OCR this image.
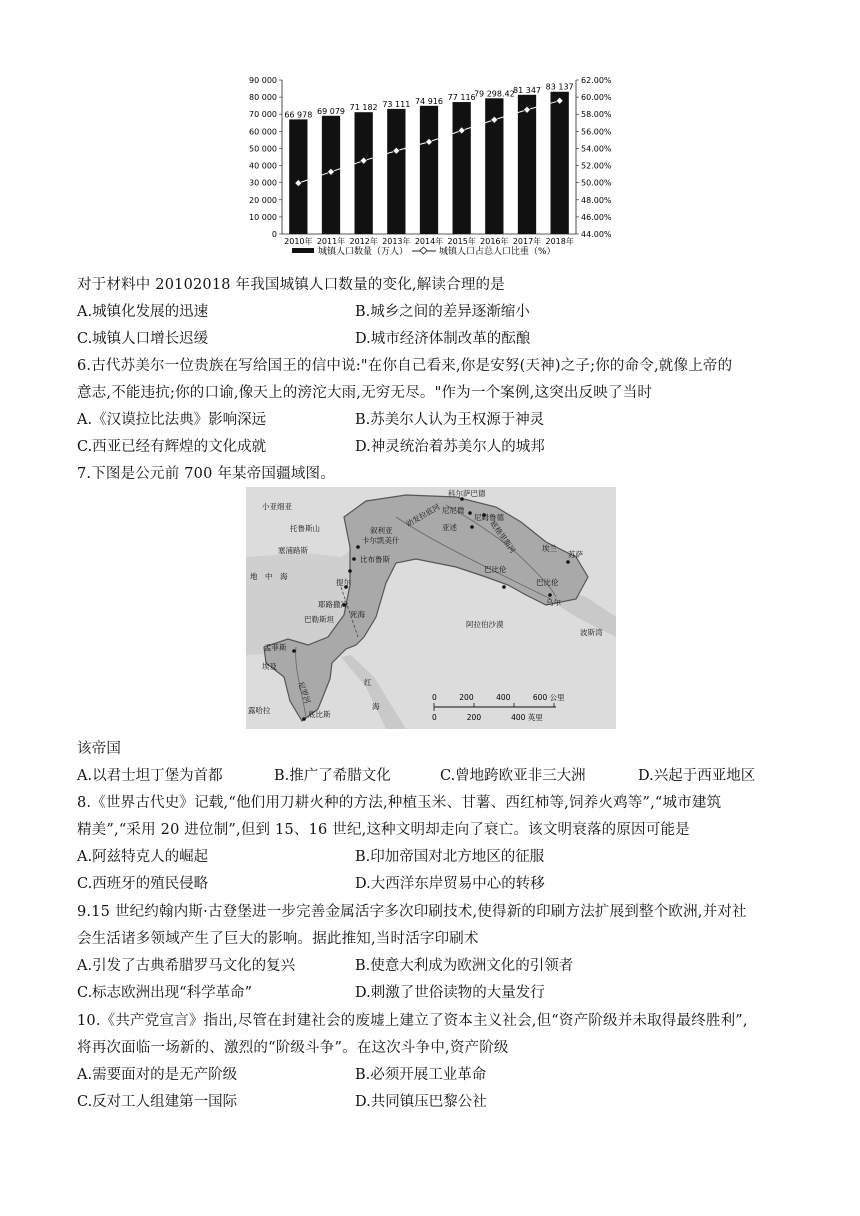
0
10 000
20 000
30 000
40 000
50 000
60 000
70 000
80 000
90 000
44.00%
46.00%
48.00%
50.00%
52.00%
54.00%
56.00%
58.00%
60.00%
62.00%
66 978 69 079 71 182 73 111 74 916 77 116
79 298.42
81 347 83 137
2010年 2011年 2012年 2013年 2014年 2015年 2016年 2017年 2018年
城镇人口数量（万人）	城镇人口占总人口比重（%）
对于材料中 20102018 年我国城镇人口数量的变化,解读合理的是
A.城镇化发展的迅速	B.城乡之间的差异逐渐缩小
C.城镇人口增长迟缓	D.城市经济体制改革的酝酿
6.古代苏美尔一位贵族在写给国王的信中说:"在你自己看来,你是安努(天神)之子;你的命令,就像上帝的
意志,不能违抗;你的口谕,像天上的滂沱大雨,无穷无尽。"作为一个案例,这突出反映了当时
A.《汉谟拉比法典》影响深远	B.苏美尔人认为王权源于神灵
C.西亚已经有辉煌的文化成就	D.神灵统治着苏美尔人的城邦
7.下图是公元前 700 年某帝国疆域图。
小亚细亚
托鲁斯山
塞浦路斯
地　中　海
叙利亚
幼发拉底河
底格里斯河
科尔萨巴德
尼尼微
尼姆鲁德
亚述
埃兰
苏萨
巴比伦
巴比伦
乌尔
波斯湾
阿拉伯沙漠
卡尔凯美什
比布鲁斯
提尔
耶路撒冷
死海
巴勒斯坦
孟菲斯
埃及
尼罗河
底比斯
红
海
露哈拉
0　　　200　　　400　　　600 公里
0　　　　200　　　　400 英里
该帝国
A.以君士坦丁堡为首都	B.推广了希腊文化	C.曾地跨欧亚非三大洲	D.兴起于西亚地区
8.《世界古代史》记载,“他们用刀耕火种的方法,种植玉米、甘薯、西红柿等,饲养火鸡等”,“城市建筑
精美”,“采用 20 进位制”,但到 15、16 世纪,这种文明却走向了衰亡。该文明衰落的原因可能是
A.阿兹特克人的崛起	B.印加帝国对北方地区的征服
C.西班牙的殖民侵略	D.大西洋东岸贸易中心的转移
9.15 世纪约翰内斯·古登堡进一步完善金属活字多次印刷技术,使得新的印刷方法扩展到整个欧洲,并对社
会生活诸多领域产生了巨大的影响。据此推知,当时活字印刷术
A.引发了古典希腊罗马文化的复兴	B.使意大利成为欧洲文化的引领者
C.标志欧洲出现“科学革命”	D.刺激了世俗读物的大量发行
10.《共产党宣言》指出,尽管在封建社会的废墟上建立了资本主义社会,但“资产阶级并未取得最终胜利”,
将再次面临一场新的、激烈的“阶级斗争”。在这次斗争中,资产阶级
A.需要面对的是无产阶级	B.必须开展工业革命
C.反对工人组建第一国际	D.共同镇压巴黎公社
